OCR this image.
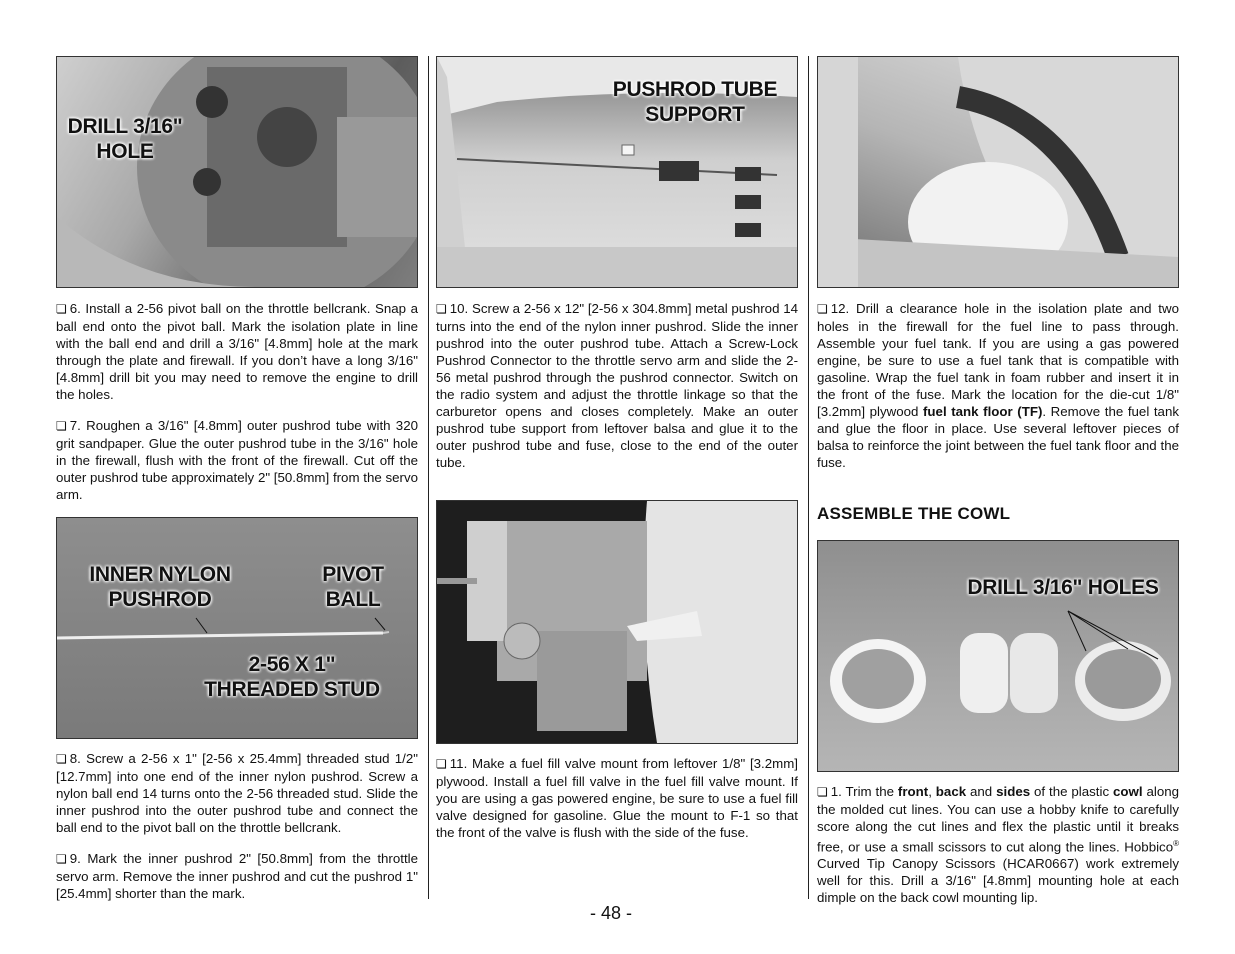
DRILL 3/16" HOLE

❏ 6. Install a 2-56 pivot ball on the throttle bellcrank. Snap a ball end onto the pivot ball. Mark the isolation plate in line with the ball end and drill a 3/16" [4.8mm] hole at the mark through the plate and firewall. If you don’t have a long 3/16" [4.8mm] drill bit you may need to remove the engine to drill the holes.

❏ 7. Roughen a 3/16" [4.8mm] outer pushrod tube with 320 grit sandpaper. Glue the outer pushrod tube in the 3/16" hole in the firewall, flush with the front of the firewall. Cut off the outer pushrod tube approximately 2" [50.8mm] from the servo arm.

INNER NYLON PUSHROD
PIVOT BALL
2-56 X 1" THREADED STUD

❏ 8. Screw a 2-56 x 1" [2-56 x 25.4mm] threaded stud 1/2" [12.7mm] into one end of the inner nylon pushrod. Screw a nylon ball end 14 turns onto the 2-56 threaded stud. Slide the inner pushrod into the outer pushrod tube and connect the ball end to the pivot ball on the throttle bellcrank.

❏ 9. Mark the inner pushrod 2" [50.8mm] from the throttle servo arm. Remove the inner pushrod and cut the pushrod 1" [25.4mm] shorter than the mark.

PUSHROD TUBE SUPPORT

❏ 10. Screw a 2-56 x 12" [2-56 x 304.8mm] metal pushrod 14 turns into the end of the nylon inner pushrod. Slide the inner pushrod into the outer pushrod tube. Attach a Screw-Lock Pushrod Connector to the throttle servo arm and slide the 2-56 metal pushrod through the pushrod connector. Switch on the radio system and adjust the throttle linkage so that the carburetor opens and closes completely. Make an outer pushrod tube support from leftover balsa and glue it to the outer pushrod tube and fuse, close to the end of the outer tube.

❏ 11. Make a fuel fill valve mount from leftover 1/8" [3.2mm] plywood. Install a fuel fill valve in the fuel fill valve mount. If you are using a gas powered engine, be sure to use a fuel fill valve designed for gasoline. Glue the mount to F-1 so that the front of the valve is flush with the side of the fuse.

❏ 12. Drill a clearance hole in the isolation plate and two holes in the firewall for the fuel line to pass through. Assemble your fuel tank. If you are using a gas powered engine, be sure to use a fuel tank that is compatible with gasoline. Wrap the fuel tank in foam rubber and insert it in the front of the fuse. Mark the location for the die-cut 1/8" [3.2mm] plywood fuel tank floor (TF). Remove the fuel tank and glue the floor in place. Use several leftover pieces of balsa to reinforce the joint between the fuel tank floor and the fuse.

ASSEMBLE THE COWL
DRILL 3/16" HOLES

❏ 1. Trim the front, back and sides of the plastic cowl along the molded cut lines. You can use a hobby knife to carefully score along the cut lines and flex the plastic until it breaks free, or use a small scissors to cut along the lines. Hobbico® Curved Tip Canopy Scissors (HCAR0667) work extremely well for this. Drill a 3/16" [4.8mm] mounting hole at each dimple on the back cowl mounting lip.

- 48 -
